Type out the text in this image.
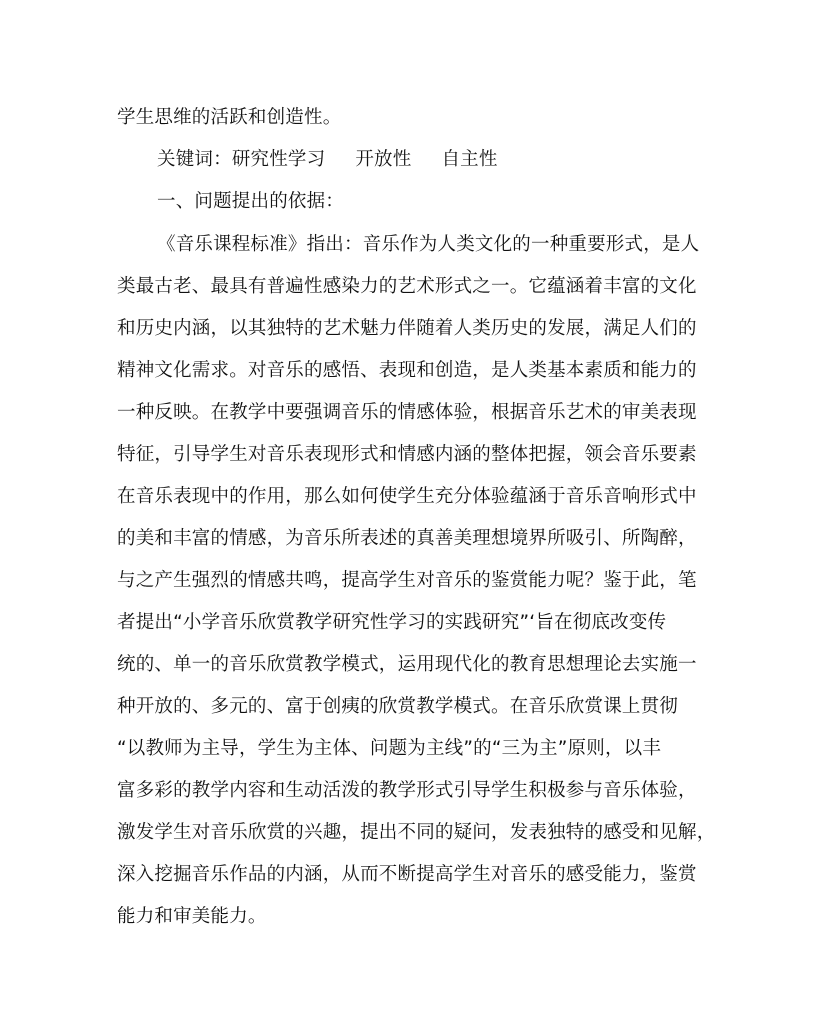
学生思维的活跃和创造性。
关键词：研究性学习 开放性 自主性
一、问题提出的依据：
《音乐课程标准》指出：音乐作为人类文化的一种重要形式，是人
类最古老、最具有普遍性感染力的艺术形式之一。它蕴涵着丰富的文化
和历史内涵，以其独特的艺术魅力伴随着人类历史的发展，满足人们的
精神文化需求。对音乐的感悟、表现和创造，是人类基本素质和能力的
一种反映。在教学中要强调音乐的情感体验，根据音乐艺术的审美表现
特征，引导学生对音乐表现形式和情感内涵的整体把握，领会音乐要素
在音乐表现中的作用，那么如何使学生充分体验蕴涵于音乐音响形式中
的美和丰富的情感，为音乐所表述的真善美理想境界所吸引、所陶醉，
与之产生强烈的情感共鸣，提高学生对音乐的鉴赏能力呢？鉴于此，笔
者提出“小学音乐欣赏教学研究性学习的实践研究”‘旨在彻底改变传
统的、单一的音乐欣赏教学模式，运用现代化的教育思想理论去实施一
种开放的、多元的、富于创痍的欣赏教学模式。在音乐欣赏课上贯彻
“以教师为主导，学生为主体、问题为主线”的“三为主”原则，以丰
富多彩的教学内容和生动活泼的教学形式引导学生积极参与音乐体验，
激发学生对音乐欣赏的兴趣，提出不同的疑问，发表独特的感受和见解，
深入挖掘音乐作品的内涵，从而不断提高学生对音乐的感受能力，鉴赏
能力和审美能力。
